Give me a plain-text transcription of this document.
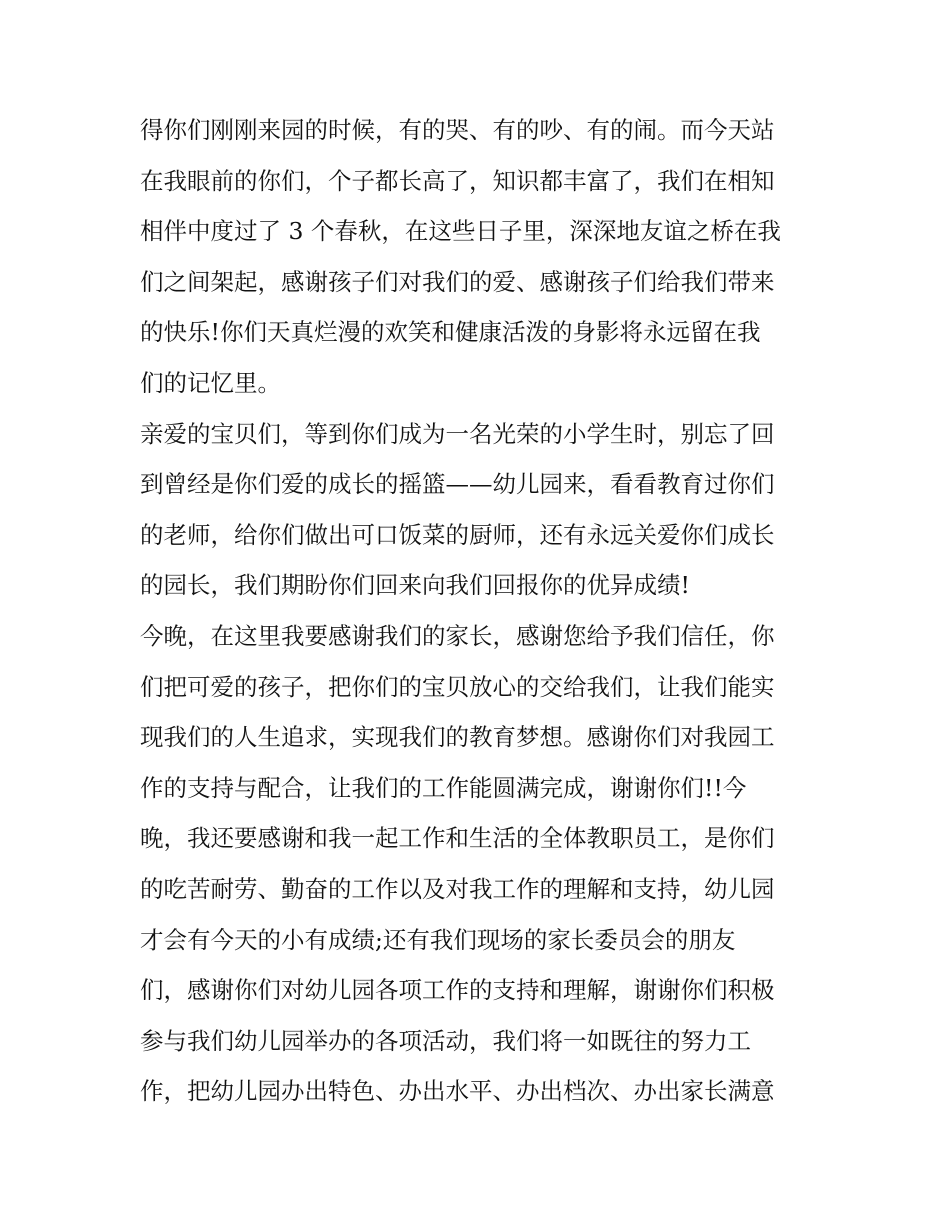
得你们刚刚来园的时候，有的哭、有的吵、有的闹。而今天站
在我眼前的你们，个子都长高了，知识都丰富了，我们在相知
相伴中度过了 3 个春秋，在这些日子里，深深地友谊之桥在我
们之间架起，感谢孩子们对我们的爱、感谢孩子们给我们带来
的快乐!你们天真烂漫的欢笑和健康活泼的身影将永远留在我
们的记忆里。
亲爱的宝贝们，等到你们成为一名光荣的小学生时，别忘了回
到曾经是你们爱的成长的摇篮——幼儿园来，看看教育过你们
的老师，给你们做出可口饭菜的厨师，还有永远关爱你们成长
的园长，我们期盼你们回来向我们回报你的优异成绩!
今晚，在这里我要感谢我们的家长，感谢您给予我们信任，你
们把可爱的孩子，把你们的宝贝放心的交给我们，让我们能实
现我们的人生追求，实现我们的教育梦想。感谢你们对我园工
作的支持与配合，让我们的工作能圆满完成，谢谢你们!!今
晚，我还要感谢和我一起工作和生活的全体教职员工，是你们
的吃苦耐劳、勤奋的工作以及对我工作的理解和支持，幼儿园
才会有今天的小有成绩;还有我们现场的家长委员会的朋友
们，感谢你们对幼儿园各项工作的支持和理解，谢谢你们积极
参与我们幼儿园举办的各项活动，我们将一如既往的努力工
作，把幼儿园办出特色、办出水平、办出档次、办出家长满意
